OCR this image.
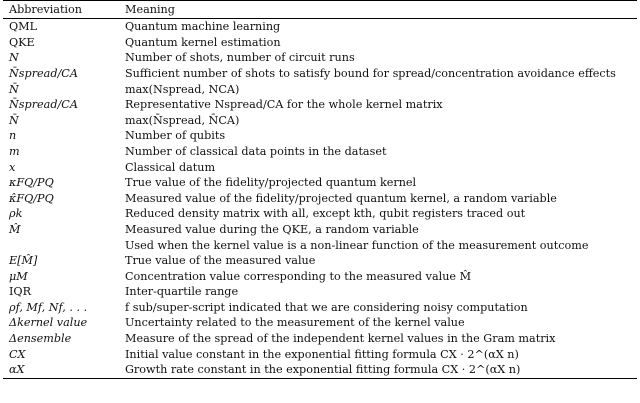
Abbreviation	Meaning
QML	Quantum machine learning
QKE	Quantum kernel estimation
N	Number of shots, number of circuit runs
N̄spread/CA	Sufficient number of shots to satisfy bound for spread/concentration avoidance effects
N̄	max(Nspread, NCA)
N̄spread/CA	Representative Nspread/CA for the whole kernel matrix
N̄	max(N̄spread, N̄CA)
n	Number of qubits
m	Number of classical data points in the dataset
x	Classical datum
κFQ/PQ	True value of the fidelity/projected quantum kernel
κ̂FQ/PQ	Measured value of the fidelity/projected quantum kernel, a random variable
ρk	Reduced density matrix with all, except kth, qubit registers traced out
M̂	Measured value during the QKE, a random variable
	Used when the kernel value is a non-linear function of the measurement outcome
E[M̂]	True value of the measured value
μM	Concentration value corresponding to the measured value M̂
IQR	Inter-quartile range
ρf, Mf, Nf, . . .	f sub/super-script indicated that we are considering noisy computation
Δkernel value	Uncertainty related to the measurement of the kernel value
Δensemble	Measure of the spread of the independent kernel values in the Gram matrix
CX	Initial value constant in the exponential fitting formula CX · 2^(αX n)
αX	Growth rate constant in the exponential fitting formula CX · 2^(αX n)
